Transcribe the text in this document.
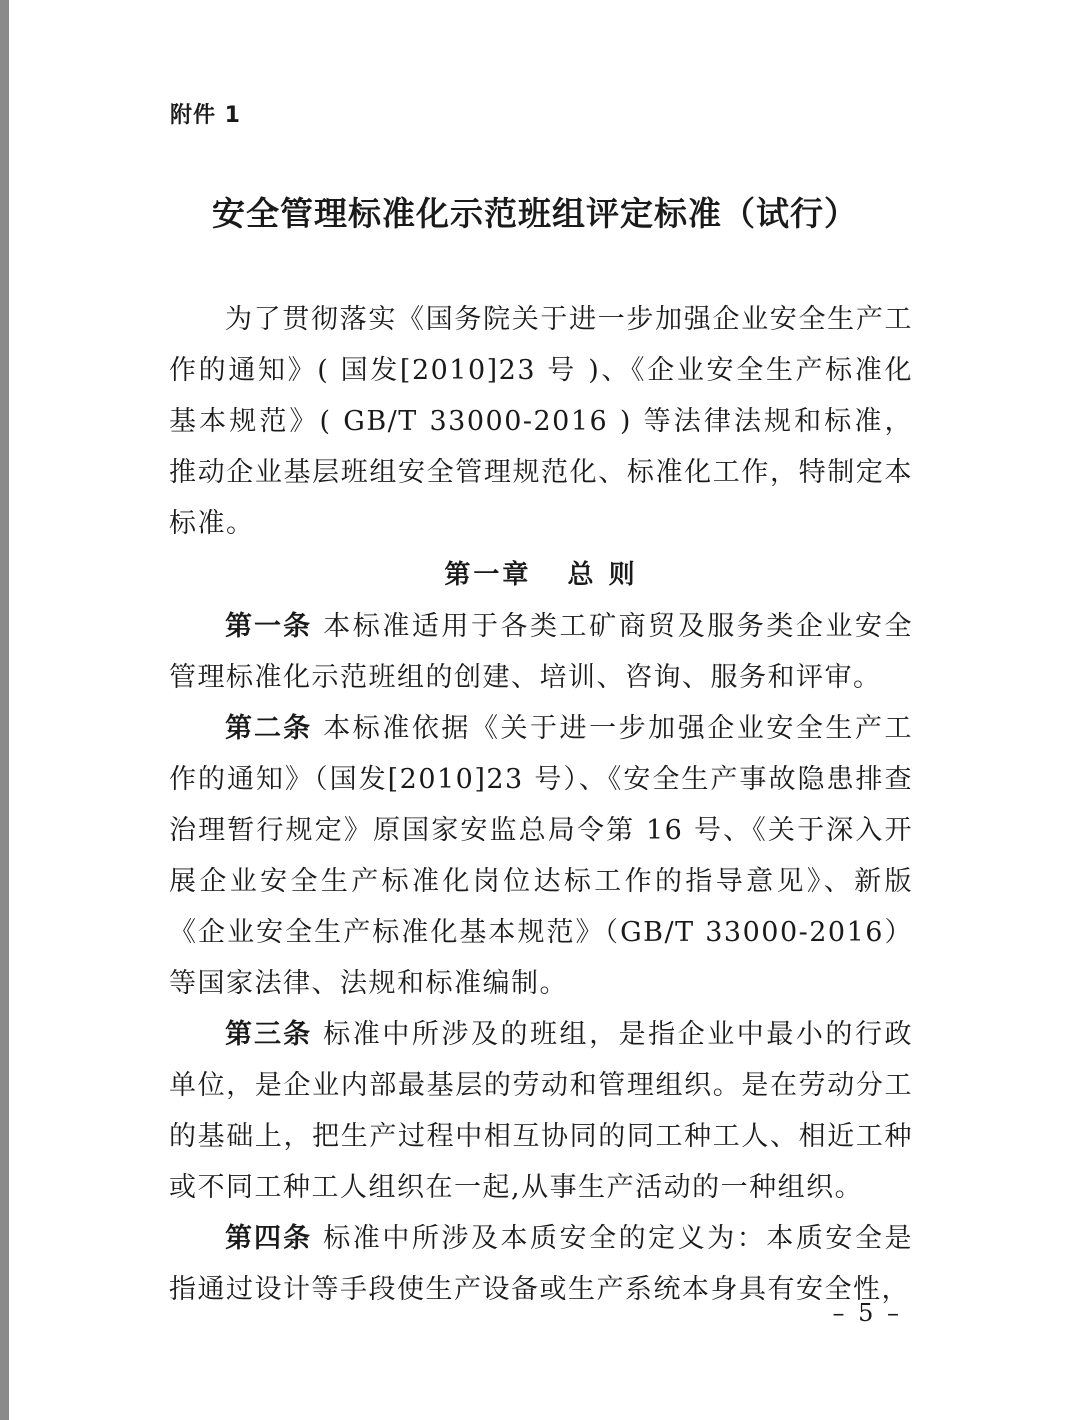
附件 1
安全管理标准化示范班组评定标准（试行）

为了贯彻落实《国务院关于进一步加强企业安全生产工作的通知》( 国发[2010]23 号 )、《企业安全生产标准化基本规范》( GB/T 33000-2016 ) 等法律法规和标准，推动企业基层班组安全管理规范化、标准化工作，特制定本标准。

第一章   总 则

第一条 本标准适用于各类工矿商贸及服务类企业安全管理标准化示范班组的创建、培训、咨询、服务和评审。

第二条 本标准依据《关于进一步加强企业安全生产工作的通知》（国发[2010]23 号）、《安全生产事故隐患排查治理暂行规定》原国家安监总局令第 16 号、《关于深入开展企业安全生产标准化岗位达标工作的指导意见》、新版《企业安全生产标准化基本规范》（GB/T 33000-2016）等国家法律、法规和标准编制。

第三条 标准中所涉及的班组，是指企业中最小的行政单位，是企业内部最基层的劳动和管理组织。是在劳动分工的基础上，把生产过程中相互协同的同工种工人、相近工种或不同工种工人组织在一起,从事生产活动的一种组织。

第四条 标准中所涉及本质安全的定义为：本质安全是指通过设计等手段使生产设备或生产系统本身具有安全性，

– 5 –
